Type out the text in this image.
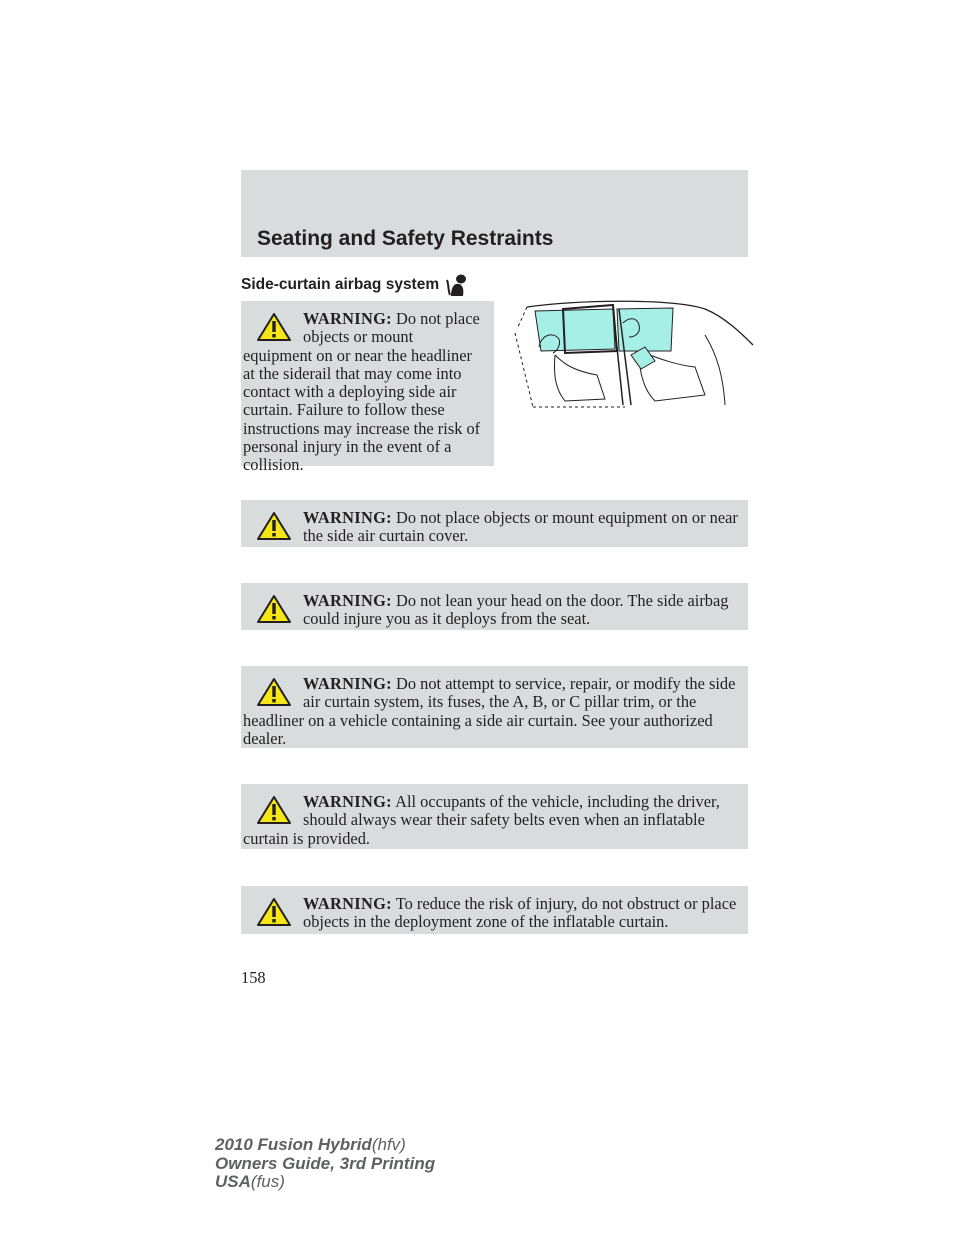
Seating and Safety Restraints
Side-curtain airbag system
WARNING: Do not place objects or mount equipment on or near the headliner at the siderail that may come into contact with a deploying side air curtain. Failure to follow these instructions may increase the risk of personal injury in the event of a collision.
WARNING: Do not place objects or mount equipment on or near the side air curtain cover.
WARNING: Do not lean your head on the door. The side airbag could injure you as it deploys from the seat.
WARNING: Do not attempt to service, repair, or modify the side air curtain system, its fuses, the A, B, or C pillar trim, or the headliner on a vehicle containing a side air curtain. See your authorized dealer.
WARNING: All occupants of the vehicle, including the driver, should always wear their safety belts even when an inflatable curtain is provided.
WARNING: To reduce the risk of injury, do not obstruct or place objects in the deployment zone of the inflatable curtain.

158

2010 Fusion Hybrid(hfv)
Owners Guide, 3rd Printing
USA(fus)
